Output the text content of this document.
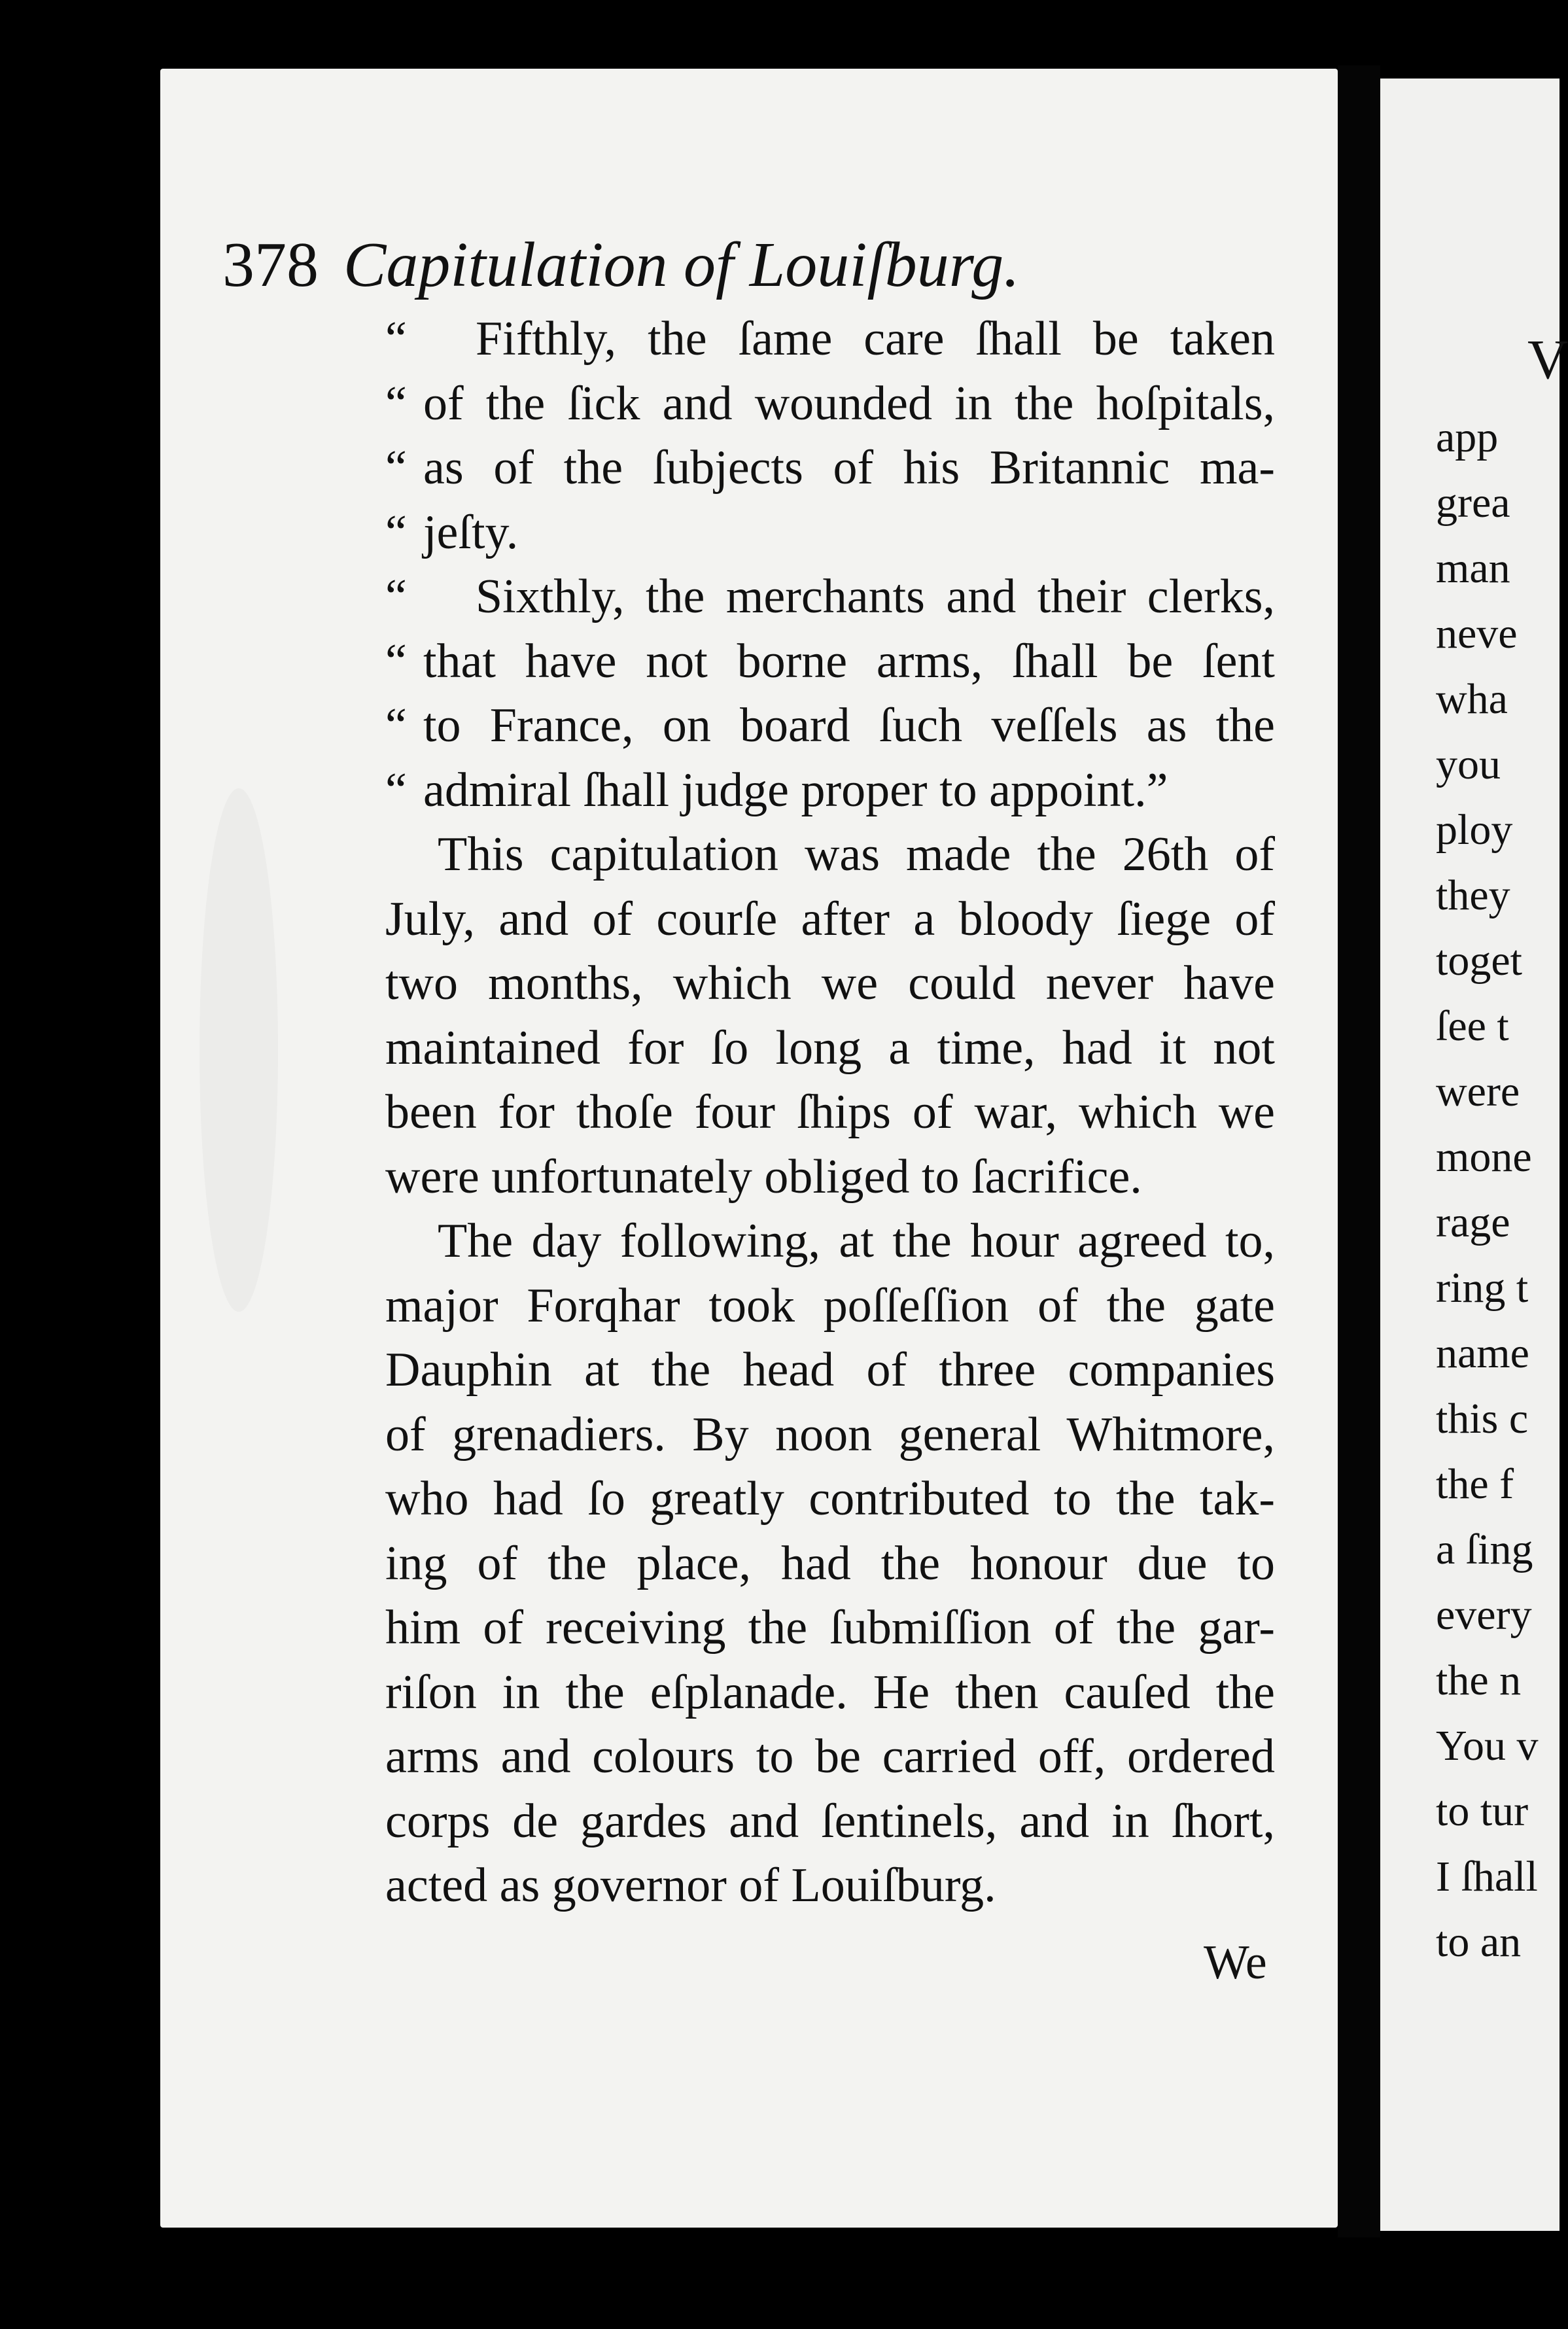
378 Capitulation of Louiſburg.
“	Fifthly, the ſame care ſhall be taken
“ of the ſick and wounded in the hoſpitals,
“ as of the ſubjects of his Britannic ma-
“ jeſty.
“	Sixthly, the merchants and their clerks,
“ that have not borne arms, ſhall be ſent
“ to France, on board ſuch veſſels as the
“ admiral ſhall judge proper to appoint.”
This capitulation was made the 26th of
July, and of courſe after a bloody ſiege of
two months, which we could never have
maintained for ſo long a time, had it not
been for thoſe four ſhips of war, which we
were unfortunately obliged to ſacrifice.
The day following, at the hour agreed to,
major Forqhar took poſſeſſion of the gate
Dauphin at the head of three companies
of grenadiers. By noon general Whitmore,
who had ſo greatly contributed to the tak-
ing of the place, had the honour due to
him of receiving the ſubmiſſion of the gar-
riſon in the eſplanade. He then cauſed the
arms and colours to be carried off, ordered
corps de gardes and ſentinels, and in ſhort,
acted as governor of Louiſburg.
We
V
app
grea
man
neve
wha
you
ploy
they
toget
ſee t
were
mone
rage
ring t
name
this c
the f
a ſing
every
the n
You v
to tur
I ſhall
to an
